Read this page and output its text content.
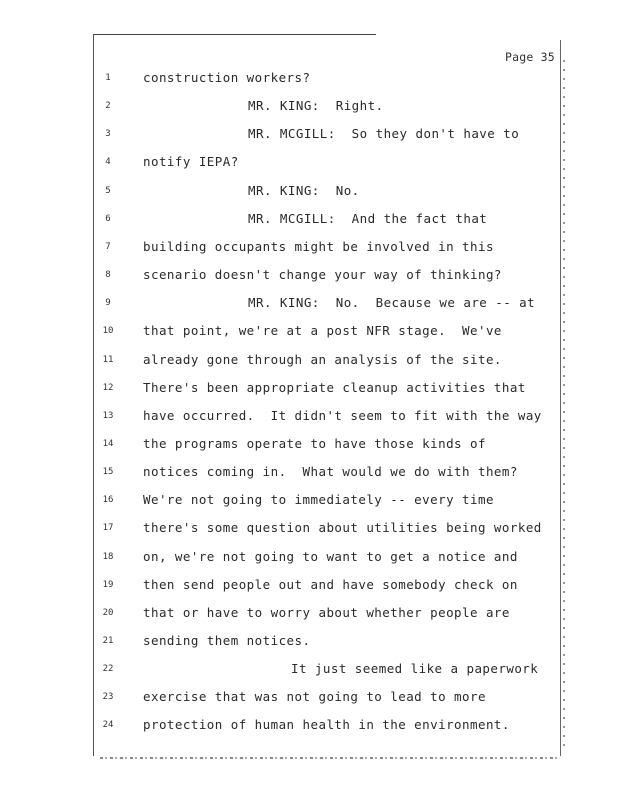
Page 35
1	construction workers?
2	MR. KING:  Right.
3	MR. MCGILL:  So they don't have to
4	notify IEPA?
5	MR. KING:  No.
6	MR. MCGILL:  And the fact that
7	building occupants might be involved in this
8	scenario doesn't change your way of thinking?
9	MR. KING:  No.  Because we are -- at
10	that point, we're at a post NFR stage.  We've
11	already gone through an analysis of the site.
12	There's been appropriate cleanup activities that
13	have occurred.  It didn't seem to fit with the way
14	the programs operate to have those kinds of
15	notices coming in.  What would we do with them?
16	We're not going to immediately -- every time
17	there's some question about utilities being worked
18	on, we're not going to want to get a notice and
19	then send people out and have somebody check on
20	that or have to worry about whether people are
21	sending them notices.
22	It just seemed like a paperwork
23	exercise that was not going to lead to more
24	protection of human health in the environment.
